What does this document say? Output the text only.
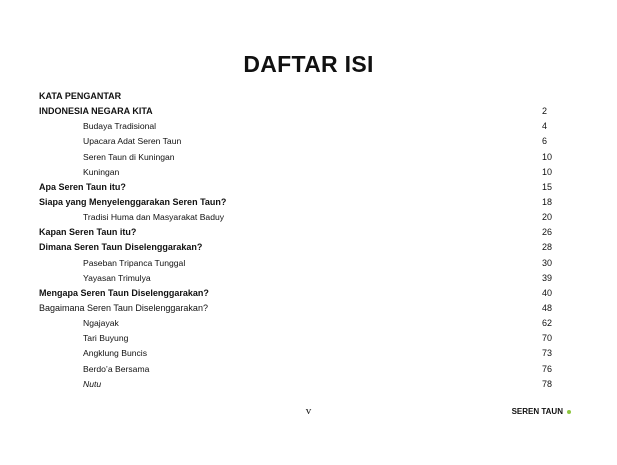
DAFTAR ISI
KATA PENGANTAR
INDONESIA NEGARA KITA	2
Budaya Tradisional	4
Upacara Adat Seren Taun	6
Seren Taun di Kuningan	10
Kuningan	10
Apa Seren Taun itu?	15
Siapa yang Menyelenggarakan Seren Taun?	18
Tradisi Huma dan Masyarakat Baduy	20
Kapan Seren Taun itu?	26
Dimana Seren Taun Diselenggarakan?	28
Paseban Tripanca Tunggal	30
Yayasan Trimulya	39
Mengapa Seren Taun Diselenggarakan?	40
Bagaimana Seren Taun Diselenggarakan?	48
Ngajayak	62
Tari Buyung	70
Angklung Buncis	73
Berdo’a Bersama	76
Nutu	78
v	SEREN TAUN
